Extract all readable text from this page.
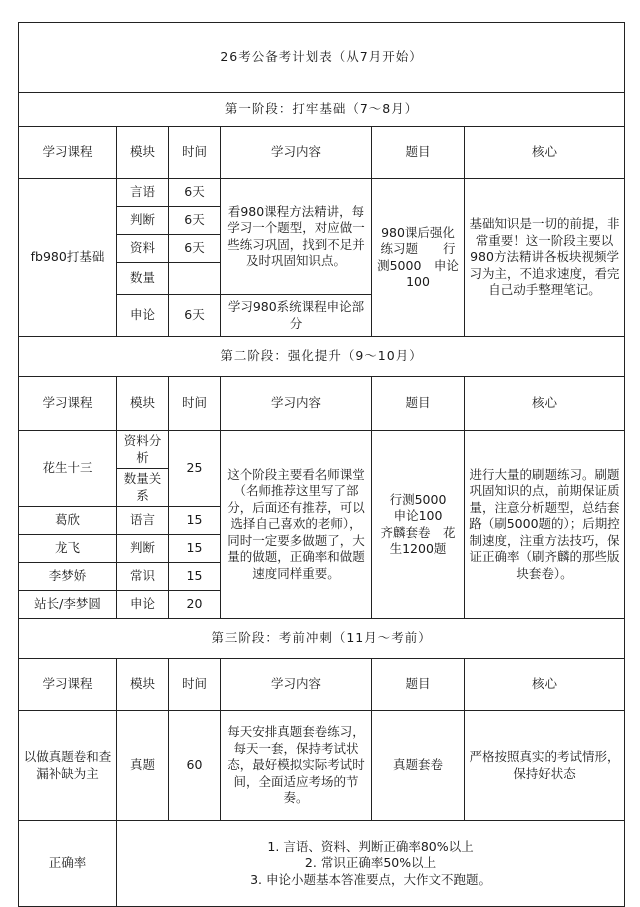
26考公备考计划表（从7月开始）					
第一阶段：打牢基础（7～8月）					
学习课程	模块	时间	学习内容	题目	核心
fb980打基础	言语	6天	看980课程方法精讲，每学习一个题型，对应做一些练习巩固，找到不足并及时巩固知识点。	980课后强化练习题　　行测5000　申论100	基础知识是一切的前提，非常重要！这一阶段主要以980方法精讲各板块视频学习为主，不追求速度，看完自己动手整理笔记。
	判断	6天			
	资料	6天			
	数量				
	申论	6天	学习980系统课程申论部分		
第二阶段：强化提升（9～10月）					
学习课程	模块	时间	学习内容	题目	核心
花生十三	资料分析	25	这个阶段主要看名师课堂（名师推荐这里写了部分，后面还有推荐，可以选择自己喜欢的老师），同时一定要多做题了，大量的做题，正确率和做题速度同样重要。	行测5000　　申论100　　　齐麟套卷　花生1200题	进行大量的刷题练习。刷题巩固知识的点，前期保证质量，注意分析题型，总结套路（刷5000题的）；后期控制速度，注重方法技巧，保证正确率（刷齐麟的那些版块套卷）。
	数量关系				
葛欣	语言	15			
龙飞	判断	15			
李梦娇	常识	15			
站长/李梦圆	申论	20			
第三阶段：考前冲刺（11月～考前）					
学习课程	模块	时间	学习内容	题目	核心
以做真题卷和查漏补缺为主	真题	60	每天安排真题套卷练习，每天一套，保持考试状态，最好模拟实际考试时间，全面适应考场的节奏。	真题套卷	严格按照真实的考试情形，保持好状态
正确率	1. 言语、资料、判断正确率80%以上
2. 常识正确率50%以上
3. 申论小题基本答准要点，大作文不跑题。				
